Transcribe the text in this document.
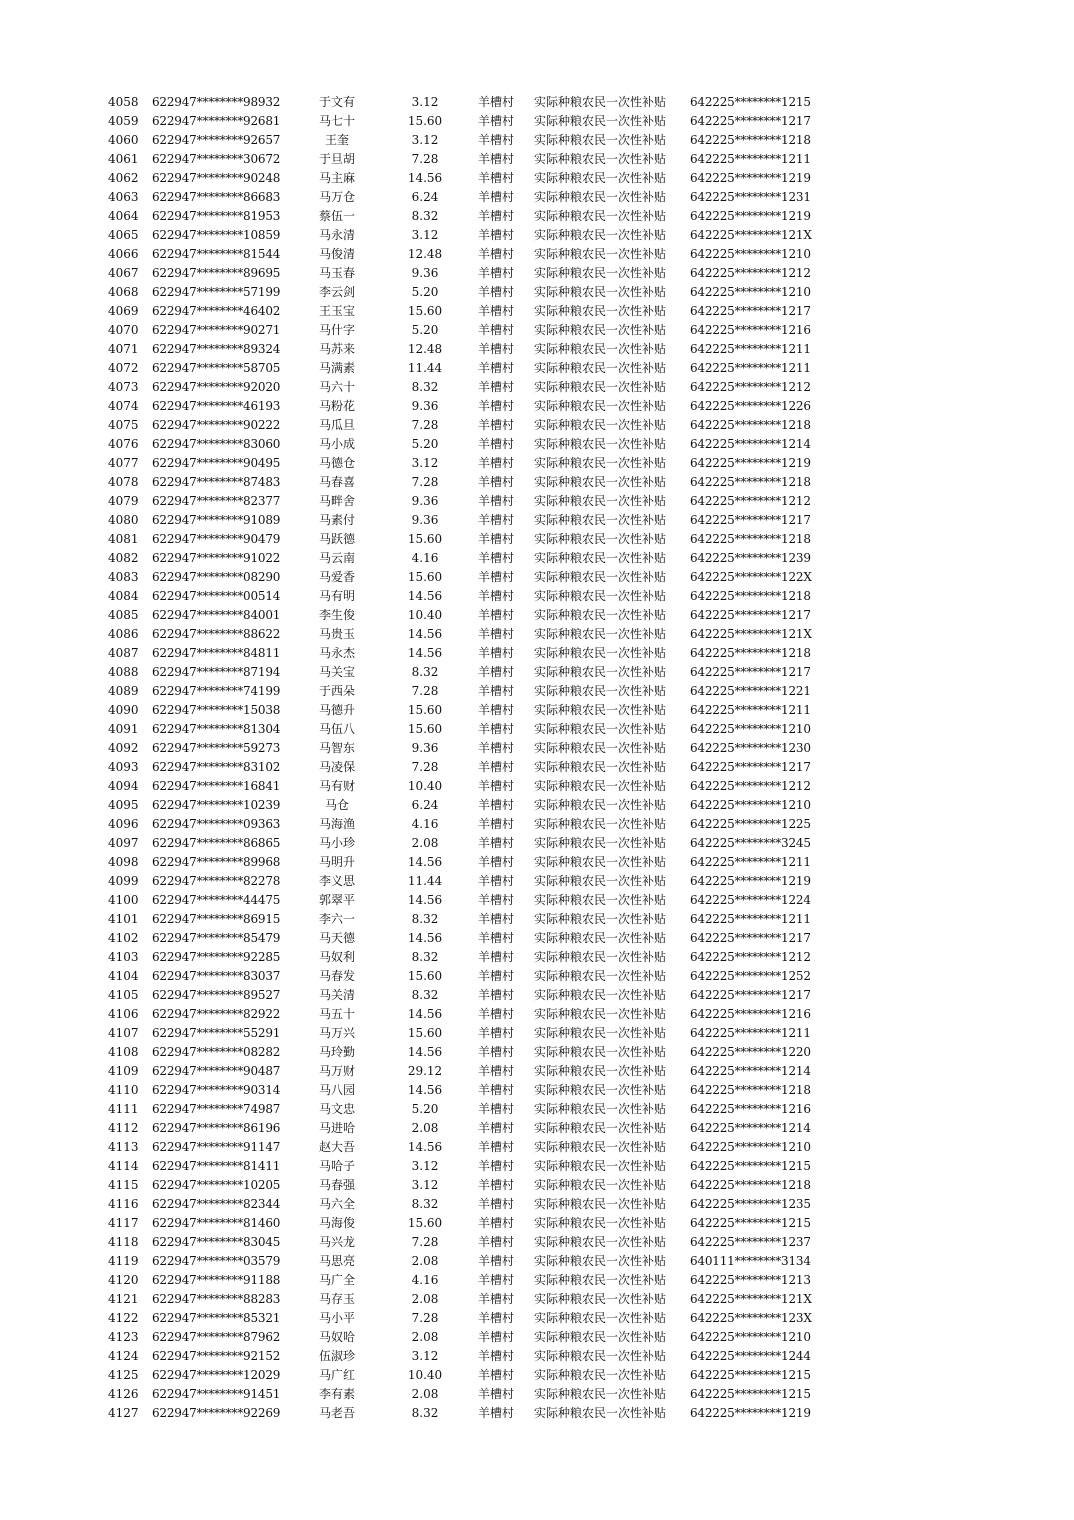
4058	622947********98932	于文有	3.12	羊槽村	实际种粮农民一次性补贴	642225********1215
4059	622947********92681	马七十	15.60	羊槽村	实际种粮农民一次性补贴	642225********1217
4060	622947********92657	王奎	3.12	羊槽村	实际种粮农民一次性补贴	642225********1218
4061	622947********30672	于旦胡	7.28	羊槽村	实际种粮农民一次性补贴	642225********1211
4062	622947********90248	马主麻	14.56	羊槽村	实际种粮农民一次性补贴	642225********1219
4063	622947********86683	马万仓	6.24	羊槽村	实际种粮农民一次性补贴	642225********1231
4064	622947********81953	蔡伍一	8.32	羊槽村	实际种粮农民一次性补贴	642225********1219
4065	622947********10859	马永清	3.12	羊槽村	实际种粮农民一次性补贴	642225********121X
4066	622947********81544	马俊清	12.48	羊槽村	实际种粮农民一次性补贴	642225********1210
4067	622947********89695	马玉春	9.36	羊槽村	实际种粮农民一次性补贴	642225********1212
4068	622947********57199	李云剑	5.20	羊槽村	实际种粮农民一次性补贴	642225********1210
4069	622947********46402	王玉宝	15.60	羊槽村	实际种粮农民一次性补贴	642225********1217
4070	622947********90271	马什字	5.20	羊槽村	实际种粮农民一次性补贴	642225********1216
4071	622947********89324	马苏来	12.48	羊槽村	实际种粮农民一次性补贴	642225********1211
4072	622947********58705	马满素	11.44	羊槽村	实际种粮农民一次性补贴	642225********1211
4073	622947********92020	马六十	8.32	羊槽村	实际种粮农民一次性补贴	642225********1212
4074	622947********46193	马粉花	9.36	羊槽村	实际种粮农民一次性补贴	642225********1226
4075	622947********90222	马瓜旦	7.28	羊槽村	实际种粮农民一次性补贴	642225********1218
4076	622947********83060	马小成	5.20	羊槽村	实际种粮农民一次性补贴	642225********1214
4077	622947********90495	马德仓	3.12	羊槽村	实际种粮农民一次性补贴	642225********1219
4078	622947********87483	马春喜	7.28	羊槽村	实际种粮农民一次性补贴	642225********1218
4079	622947********82377	马畔舍	9.36	羊槽村	实际种粮农民一次性补贴	642225********1212
4080	622947********91089	马素付	9.36	羊槽村	实际种粮农民一次性补贴	642225********1217
4081	622947********90479	马跃德	15.60	羊槽村	实际种粮农民一次性补贴	642225********1218
4082	622947********91022	马云南	4.16	羊槽村	实际种粮农民一次性补贴	642225********1239
4083	622947********08290	马爱香	15.60	羊槽村	实际种粮农民一次性补贴	642225********122X
4084	622947********00514	马有明	14.56	羊槽村	实际种粮农民一次性补贴	642225********1218
4085	622947********84001	李生俊	10.40	羊槽村	实际种粮农民一次性补贴	642225********1217
4086	622947********88622	马贵玉	14.56	羊槽村	实际种粮农民一次性补贴	642225********121X
4087	622947********84811	马永杰	14.56	羊槽村	实际种粮农民一次性补贴	642225********1218
4088	622947********87194	马关宝	8.32	羊槽村	实际种粮农民一次性补贴	642225********1217
4089	622947********74199	于西朵	7.28	羊槽村	实际种粮农民一次性补贴	642225********1221
4090	622947********15038	马德升	15.60	羊槽村	实际种粮农民一次性补贴	642225********1211
4091	622947********81304	马伍八	15.60	羊槽村	实际种粮农民一次性补贴	642225********1210
4092	622947********59273	马智东	9.36	羊槽村	实际种粮农民一次性补贴	642225********1230
4093	622947********83102	马凌保	7.28	羊槽村	实际种粮农民一次性补贴	642225********1217
4094	622947********16841	马有财	10.40	羊槽村	实际种粮农民一次性补贴	642225********1212
4095	622947********10239	马仓	6.24	羊槽村	实际种粮农民一次性补贴	642225********1210
4096	622947********09363	马海渔	4.16	羊槽村	实际种粮农民一次性补贴	642225********1225
4097	622947********86865	马小珍	2.08	羊槽村	实际种粮农民一次性补贴	642225********3245
4098	622947********89968	马明升	14.56	羊槽村	实际种粮农民一次性补贴	642225********1211
4099	622947********82278	李义思	11.44	羊槽村	实际种粮农民一次性补贴	642225********1219
4100	622947********44475	郭翠平	14.56	羊槽村	实际种粮农民一次性补贴	642225********1224
4101	622947********86915	李六一	8.32	羊槽村	实际种粮农民一次性补贴	642225********1211
4102	622947********85479	马天德	14.56	羊槽村	实际种粮农民一次性补贴	642225********1217
4103	622947********92285	马奴利	8.32	羊槽村	实际种粮农民一次性补贴	642225********1212
4104	622947********83037	马春发	15.60	羊槽村	实际种粮农民一次性补贴	642225********1252
4105	622947********89527	马关清	8.32	羊槽村	实际种粮农民一次性补贴	642225********1217
4106	622947********82922	马五十	14.56	羊槽村	实际种粮农民一次性补贴	642225********1216
4107	622947********55291	马万兴	15.60	羊槽村	实际种粮农民一次性补贴	642225********1211
4108	622947********08282	马玲勤	14.56	羊槽村	实际种粮农民一次性补贴	642225********1220
4109	622947********90487	马万财	29.12	羊槽村	实际种粮农民一次性补贴	642225********1214
4110	622947********90314	马八园	14.56	羊槽村	实际种粮农民一次性补贴	642225********1218
4111	622947********74987	马文忠	5.20	羊槽村	实际种粮农民一次性补贴	642225********1216
4112	622947********86196	马进哈	2.08	羊槽村	实际种粮农民一次性补贴	642225********1214
4113	622947********91147	赵大吾	14.56	羊槽村	实际种粮农民一次性补贴	642225********1210
4114	622947********81411	马哈子	3.12	羊槽村	实际种粮农民一次性补贴	642225********1215
4115	622947********10205	马春强	3.12	羊槽村	实际种粮农民一次性补贴	642225********1218
4116	622947********82344	马六全	8.32	羊槽村	实际种粮农民一次性补贴	642225********1235
4117	622947********81460	马海俊	15.60	羊槽村	实际种粮农民一次性补贴	642225********1215
4118	622947********83045	马兴龙	7.28	羊槽村	实际种粮农民一次性补贴	642225********1237
4119	622947********03579	马思亮	2.08	羊槽村	实际种粮农民一次性补贴	640111********3134
4120	622947********91188	马广全	4.16	羊槽村	实际种粮农民一次性补贴	642225********1213
4121	622947********88283	马存玉	2.08	羊槽村	实际种粮农民一次性补贴	642225********121X
4122	622947********85321	马小平	7.28	羊槽村	实际种粮农民一次性补贴	642225********123X
4123	622947********87962	马奴哈	2.08	羊槽村	实际种粮农民一次性补贴	642225********1210
4124	622947********92152	伍淑珍	3.12	羊槽村	实际种粮农民一次性补贴	642225********1244
4125	622947********12029	马广红	10.40	羊槽村	实际种粮农民一次性补贴	642225********1215
4126	622947********91451	李有素	2.08	羊槽村	实际种粮农民一次性补贴	642225********1215
4127	622947********92269	马老吾	8.32	羊槽村	实际种粮农民一次性补贴	642225********1219
